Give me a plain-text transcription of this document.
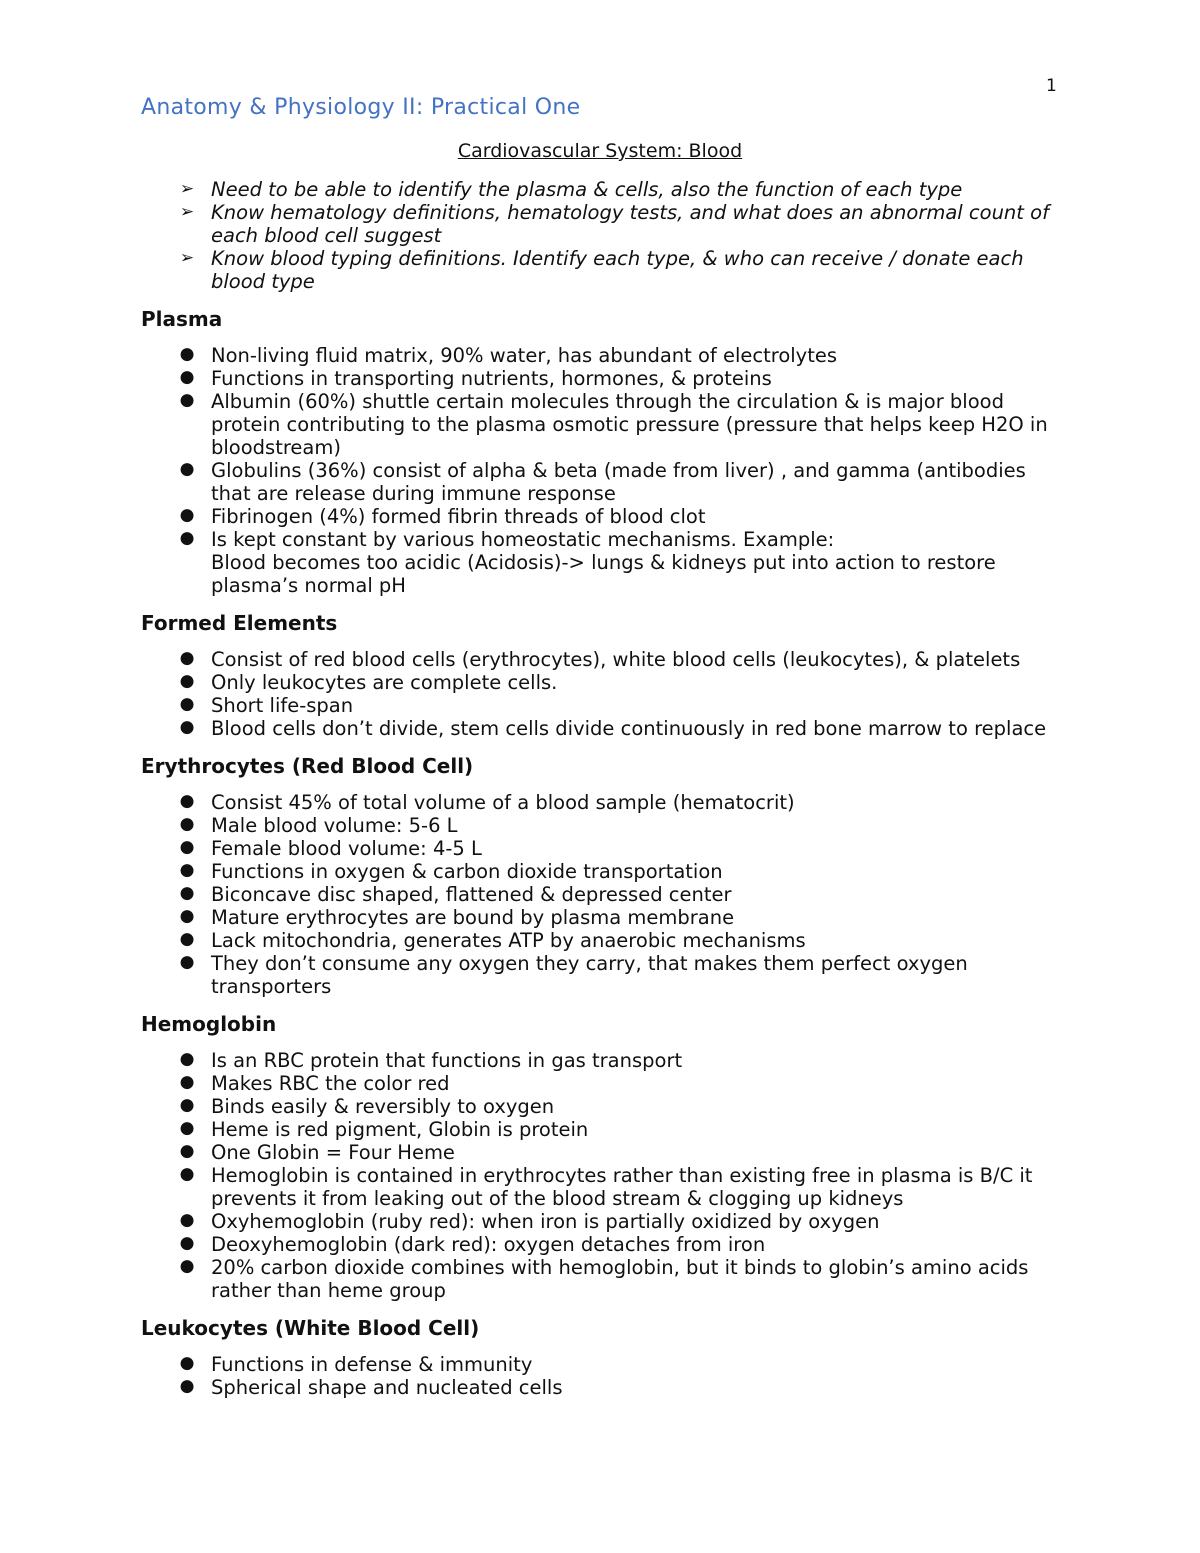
1
Anatomy & Physiology II: Practical One

Cardiovascular System: Blood

➢ Need to be able to identify the plasma & cells, also the function of each type
➢ Know hematology definitions, hematology tests, and what does an abnormal count of each blood cell suggest
➢ Know blood typing definitions. Identify each type, & who can receive / donate each blood type
Plasma
● Non-living fluid matrix, 90% water, has abundant of electrolytes
● Functions in transporting nutrients, hormones, & proteins
● Albumin (60%) shuttle certain molecules through the circulation & is major blood protein contributing to the plasma osmotic pressure (pressure that helps keep H2O in bloodstream)
● Globulins (36%) consist of alpha & beta (made from liver) , and gamma (antibodies that are release during immune response
● Fibrinogen (4%) formed fibrin threads of blood clot
● Is kept constant by various homeostatic mechanisms. Example:
Blood becomes too acidic (Acidosis)-> lungs & kidneys put into action to restore plasma’s normal pH
Formed Elements
● Consist of red blood cells (erythrocytes), white blood cells (leukocytes), & platelets
● Only leukocytes are complete cells.
● Short life-span
● Blood cells don’t divide, stem cells divide continuously in red bone marrow to replace
Erythrocytes (Red Blood Cell)
● Consist 45% of total volume of a blood sample (hematocrit)
● Male blood volume: 5-6 L
● Female blood volume: 4-5 L
● Functions in oxygen & carbon dioxide transportation
● Biconcave disc shaped, flattened & depressed center
● Mature erythrocytes are bound by plasma membrane
● Lack mitochondria, generates ATP by anaerobic mechanisms
● They don’t consume any oxygen they carry, that makes them perfect oxygen transporters
Hemoglobin
● Is an RBC protein that functions in gas transport
● Makes RBC the color red
● Binds easily & reversibly to oxygen
● Heme is red pigment, Globin is protein
● One Globin = Four Heme
● Hemoglobin is contained in erythrocytes rather than existing free in plasma is B/C it prevents it from leaking out of the blood stream & clogging up kidneys
● Oxyhemoglobin (ruby red): when iron is partially oxidized by oxygen
● Deoxyhemoglobin (dark red): oxygen detaches from iron
● 20% carbon dioxide combines with hemoglobin, but it binds to globin’s amino acids rather than heme group
Leukocytes (White Blood Cell)
● Functions in defense & immunity
● Spherical shape and nucleated cells
